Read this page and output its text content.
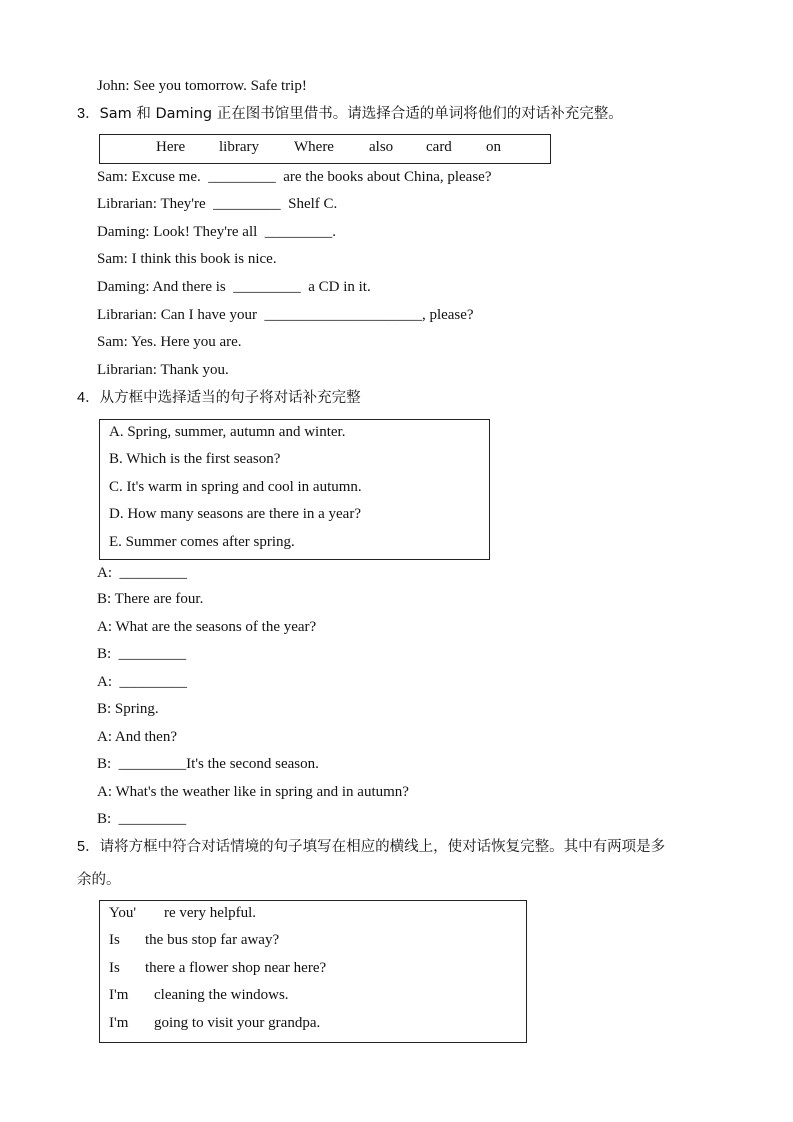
John: See you tomorrow. Safe trip!
3．Sam 和 Daming 正在图书馆里借书。请选择合适的单词将他们的对话补充完整。
Here library Where also card on
Sam: Excuse me.  _________  are the books about China, please?
Librarian: They're  _________  Shelf C.
Daming: Look! They're all  _________.
Sam: I think this book is nice.
Daming: And there is  _________  a CD in it.
Librarian: Can I have your  _____________________, please?
Sam: Yes. Here you are.
Librarian: Thank you.
4．从方框中选择适当的句子将对话补充完整
A. Spring, summer, autumn and winter.
B. Which is the first season?
C. It's warm in spring and cool in autumn.
D. How many seasons are there in a year?
E. Summer comes after spring.
A:  _________
B: There are four.
A: What are the seasons of the year?
B:  _________
A:  _________
B: Spring.
A: And then?
B:  _________It's the second season.
A: What's the weather like in spring and in autumn?
B:  _________
5．请将方框中符合对话情境的句子填写在相应的横线上，使对话恢复完整。其中有两项是多
余的。
You' re very helpful.
Is the bus stop far away?
Is there a flower shop near here?
I'm cleaning the windows.
I'm going to visit your grandpa.
